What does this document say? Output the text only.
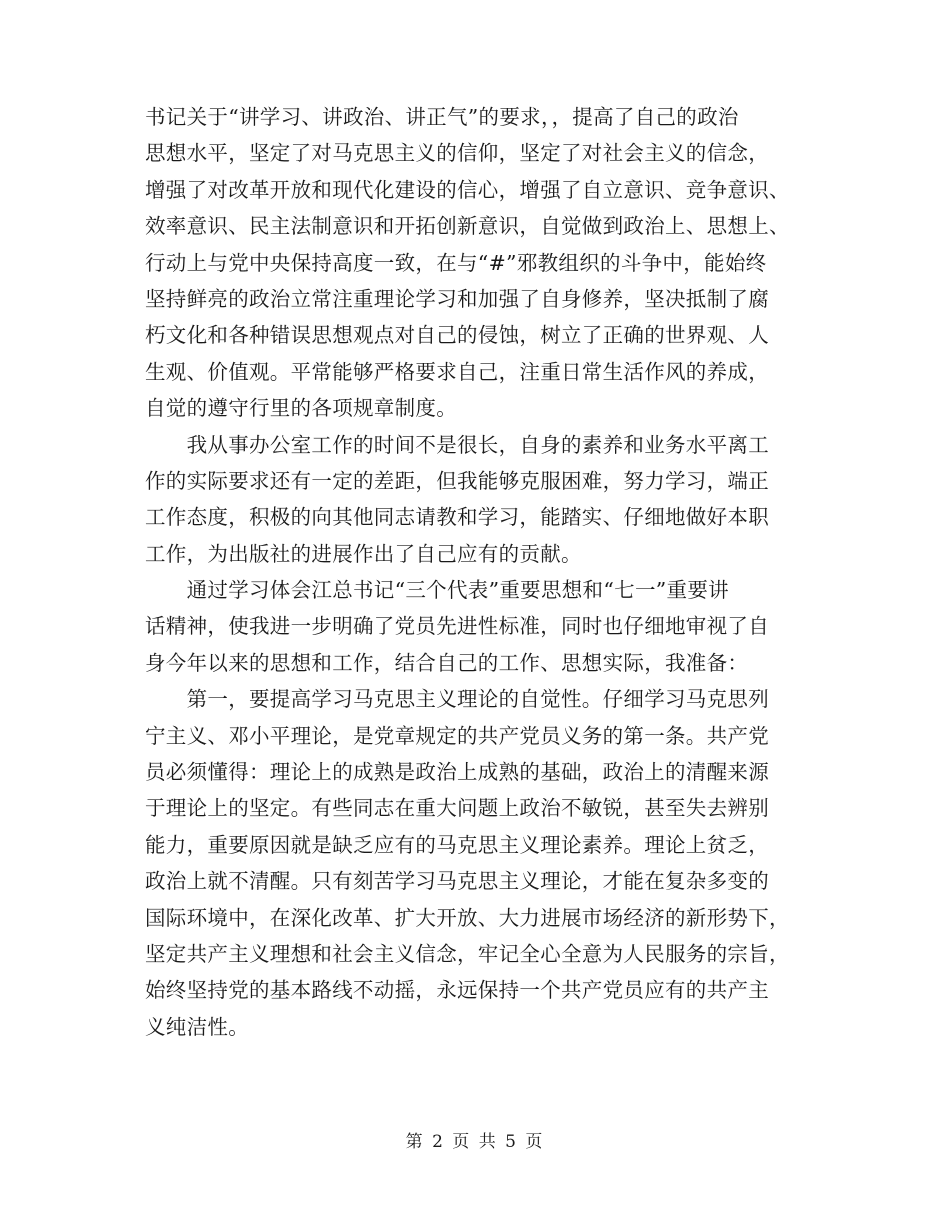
书记关于“讲学习、讲政治、讲正气”的要求，，提高了自己的政治
思想水平，坚定了对马克思主义的信仰，坚定了对社会主义的信念，
增强了对改革开放和现代化建设的信心，增强了自立意识、竞争意识、
效率意识、民主法制意识和开拓创新意识，自觉做到政治上、思想上、
行动上与党中央保持高度一致，在与“#”邪教组织的斗争中，能始终
坚持鲜亮的政治立常注重理论学习和加强了自身修养，坚决抵制了腐
朽文化和各种错误思想观点对自己的侵蚀，树立了正确的世界观、人
生观、价值观。平常能够严格要求自己，注重日常生活作风的养成，
自觉的遵守行里的各项规章制度。
　　我从事办公室工作的时间不是很长，自身的素养和业务水平离工
作的实际要求还有一定的差距，但我能够克服困难，努力学习，端正
工作态度，积极的向其他同志请教和学习，能踏实、仔细地做好本职
工作，为出版社的进展作出了自己应有的贡献。
　　通过学习体会江总书记“三个代表”重要思想和“七一”重要讲
话精神，使我进一步明确了党员先进性标准，同时也仔细地审视了自
身今年以来的思想和工作，结合自己的工作、思想实际，我准备：
　　第一，要提高学习马克思主义理论的自觉性。仔细学习马克思列
宁主义、邓小平理论，是党章规定的共产党员义务的第一条。共产党
员必须懂得：理论上的成熟是政治上成熟的基础，政治上的清醒来源
于理论上的坚定。有些同志在重大问题上政治不敏锐，甚至失去辨别
能力，重要原因就是缺乏应有的马克思主义理论素养。理论上贫乏，
政治上就不清醒。只有刻苦学习马克思主义理论，才能在复杂多变的
国际环境中，在深化改革、扩大开放、大力进展市场经济的新形势下，
坚定共产主义理想和社会主义信念，牢记全心全意为人民服务的宗旨，
始终坚持党的基本路线不动摇，永远保持一个共产党员应有的共产主
义纯洁性。
第 2 页 共 5 页
